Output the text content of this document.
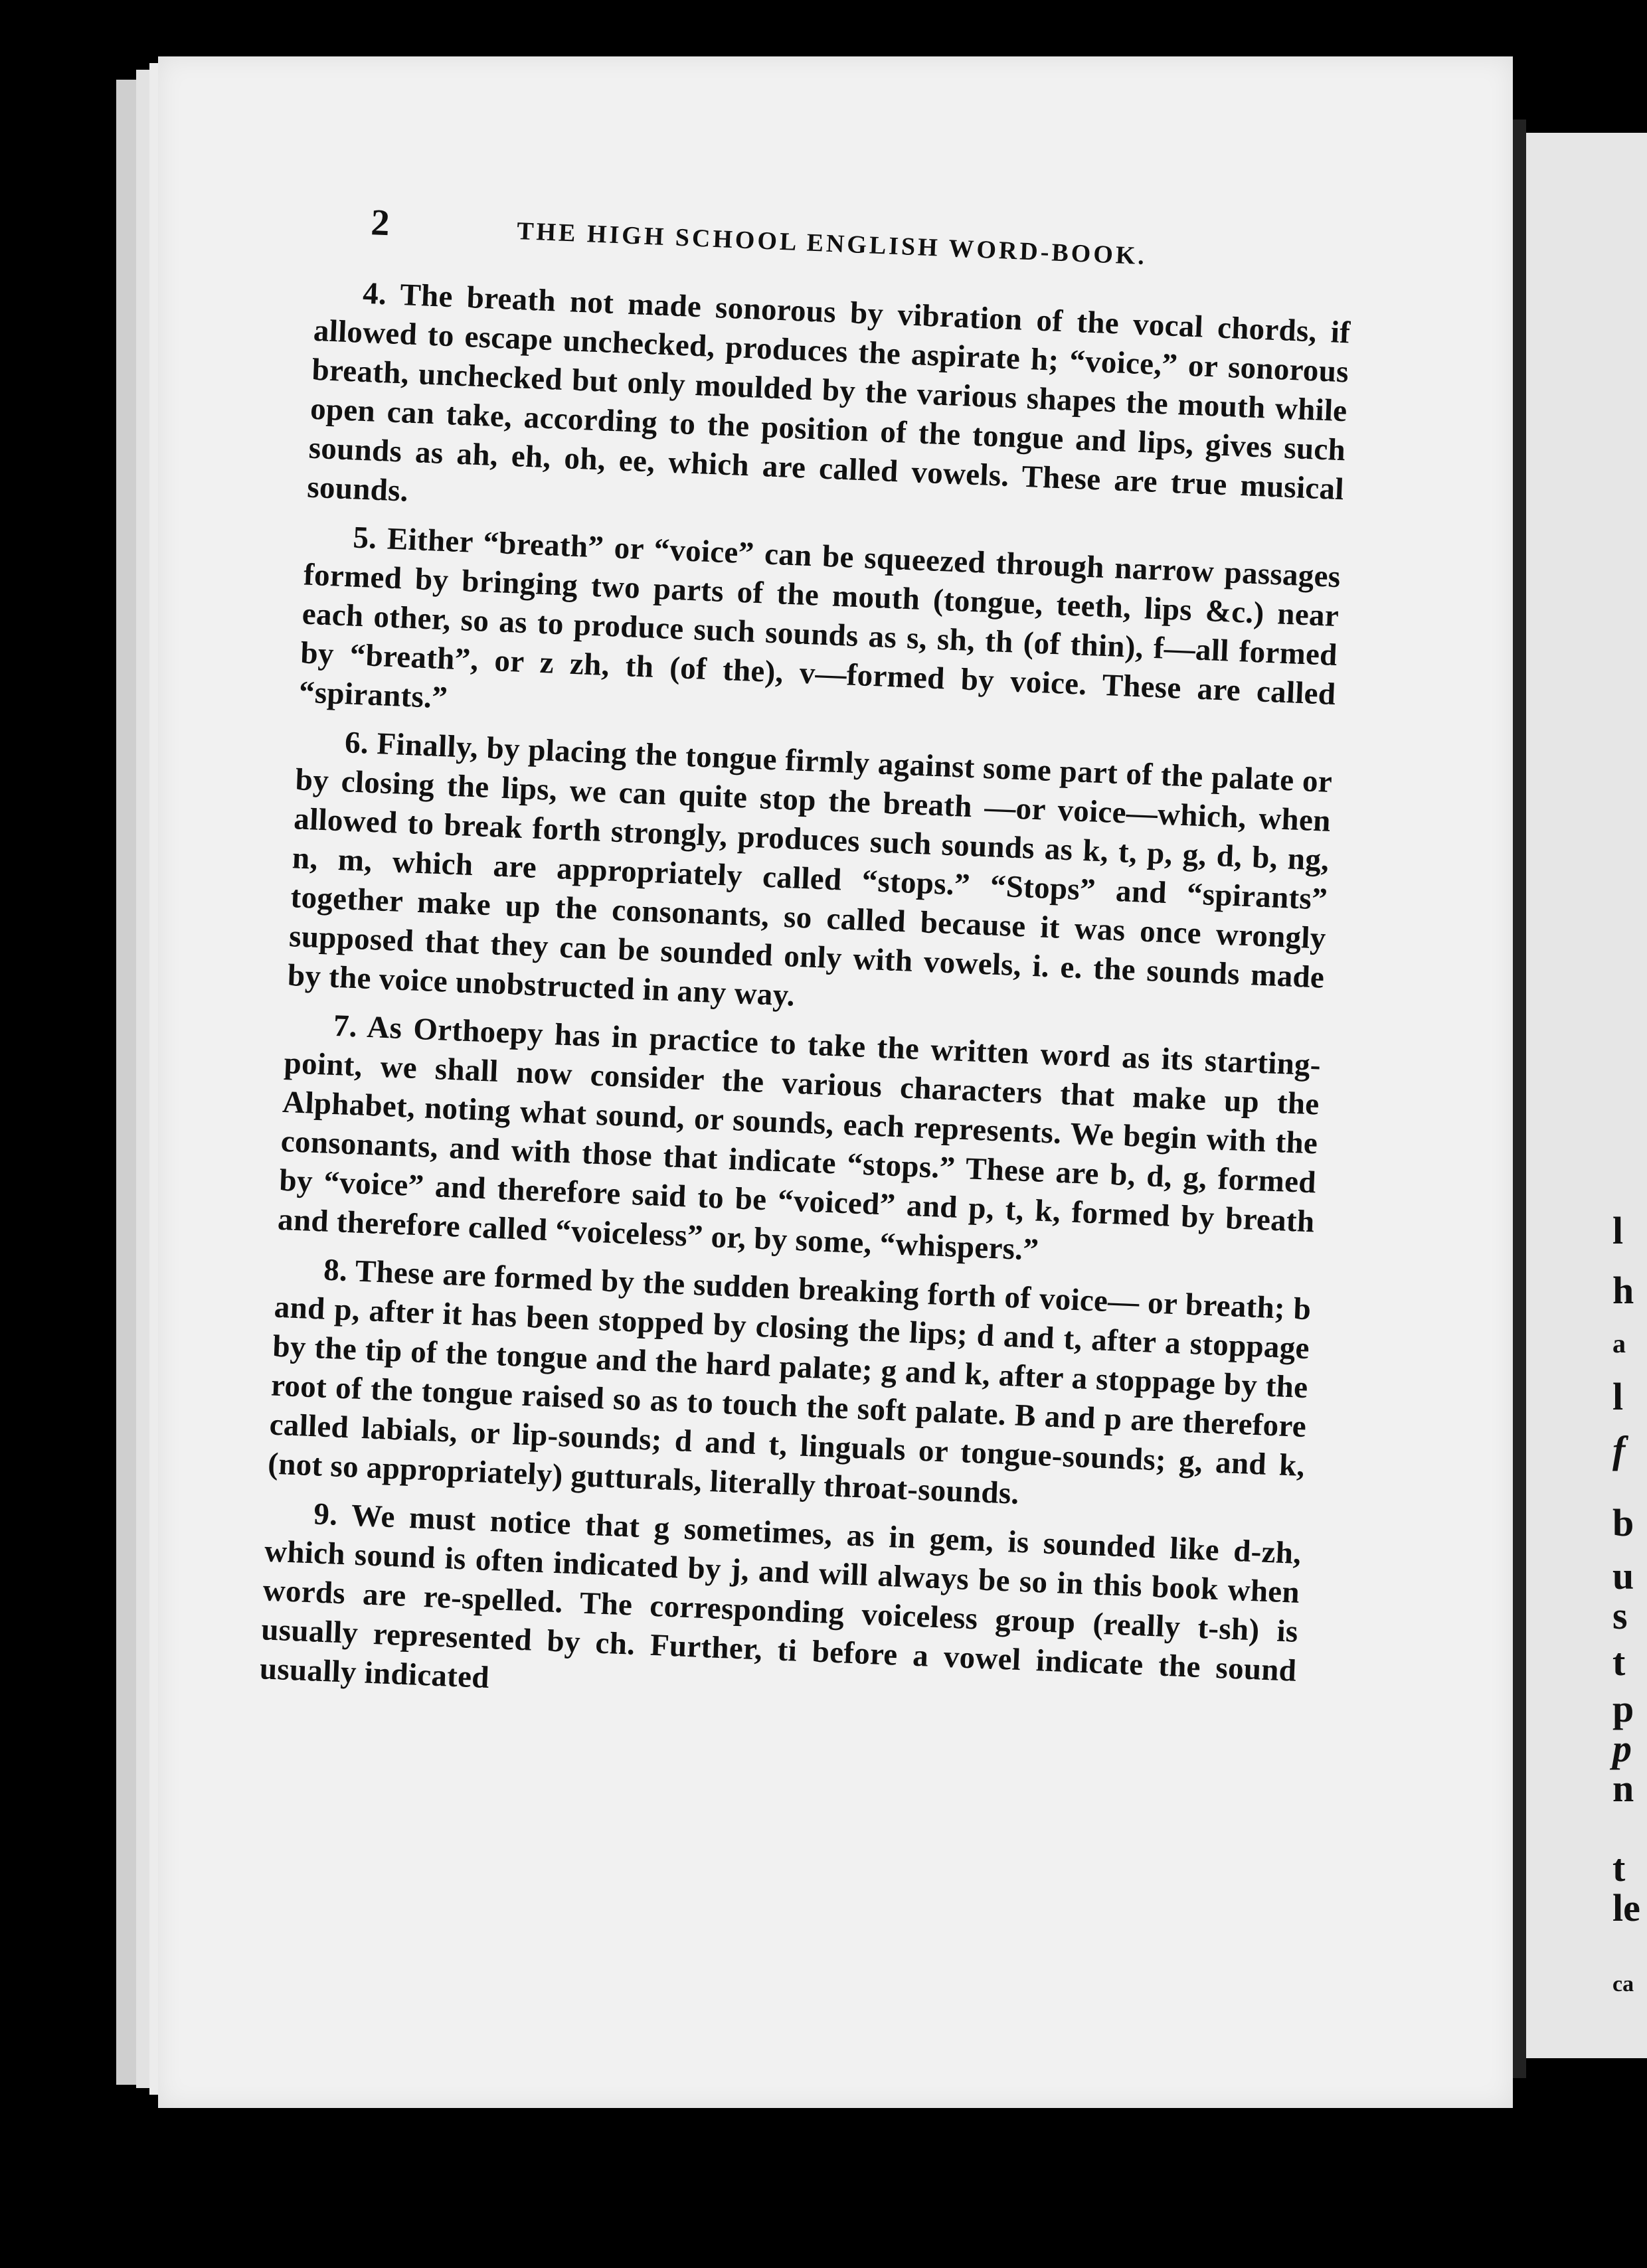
l
h
a
l
f
b
u
s
t
p
p
n
t
le
ca
2	THE HIGH SCHOOL ENGLISH WORD-BOOK.

4. The breath not made sonorous by vibration of the vocal chords, if allowed to escape unchecked, produces the aspirate h; “voice,” or sonorous breath, unchecked but only moulded by the various shapes the mouth while open can take, according to the position of the tongue and lips, gives such sounds as ah, eh, oh, ee, which are called vowels. These are true musical sounds.

5. Either “breath” or “voice” can be squeezed through narrow passages formed by bringing two parts of the mouth (tongue, teeth, lips &c.) near each other, so as to produce such sounds as s, sh, th (of thin), f—all formed by “breath”, or z zh, th (of the), v—formed by voice. These are called “spirants.”

6. Finally, by placing the tongue firmly against some part of the palate or by closing the lips, we can quite stop the breath —or voice—which, when allowed to break forth strongly, produces such sounds as k, t, p, g, d, b, ng, n, m, which are appropriately called “stops.” “Stops” and “spirants” together make up the consonants, so called because it was once wrongly supposed that they can be sounded only with vowels, i. e. the sounds made by the voice unobstructed in any way.

7. As Orthoepy has in practice to take the written word as its starting-point, we shall now consider the various characters that make up the Alphabet, noting what sound, or sounds, each represents. We begin with the consonants, and with those that indicate “stops.” These are b, d, g, formed by “voice” and therefore said to be “voiced” and p, t, k, formed by breath and therefore called “voiceless” or, by some, “whispers.”

8. These are formed by the sudden breaking forth of voice— or breath; b and p, after it has been stopped by closing the lips; d and t, after a stoppage by the tip of the tongue and the hard palate; g and k, after a stoppage by the root of the tongue raised so as to touch the soft palate. B and p are therefore called labials, or lip-sounds; d and t, linguals or tongue-sounds; g, and k, (not so appropriately) gutturals, literally throat-sounds.

9. We must notice that g sometimes, as in gem, is sounded like d-zh, which sound is often indicated by j, and will always be so in this book when words are re-spelled. The corresponding voiceless group (really t-sh) is usually represented by ch. Further, ti before a vowel indicate the sound usually indicated
